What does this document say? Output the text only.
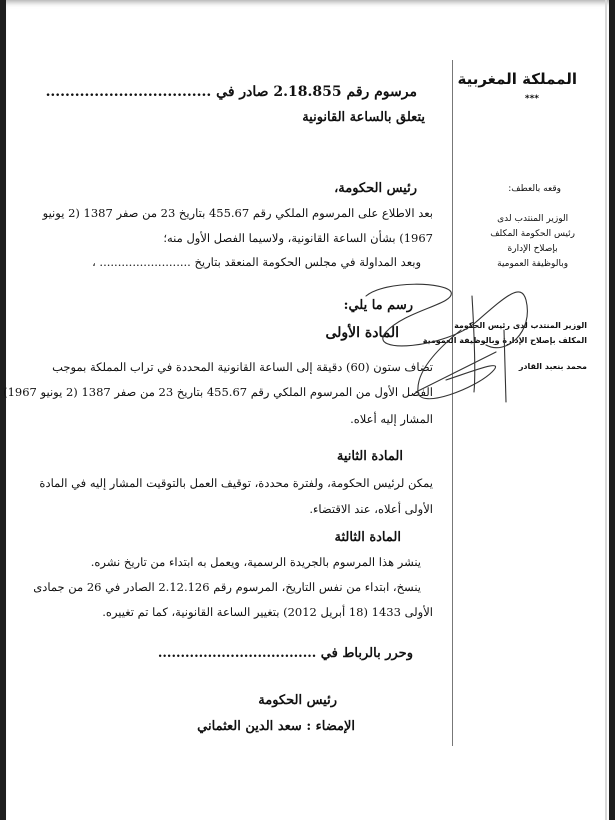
المملكة المغربية
***
وقعه بالعطف:
الوزير المنتدب لدى
رئيس الحكومة المكلف
بإصلاح الإدارة
وبالوظيفة العمومية
الوزير المنتدب لدى رئيس الحكومة
المكلف بإصلاح الإدارة وبالوظيفة العمومية
محمد بنعبد القادر
مرسوم رقم 2.18.855 صادر في ..................................
يتعلق بالساعة القانونية
رئيس الحكومة،
بعد الاطلاع على المرسوم الملكي رقم 455.67 بتاريخ 23 من صفر 1387 (2 يونيو
1967) بشأن الساعة القانونية، ولاسيما الفصل الأول منه؛
وبعد المداولة في مجلس الحكومة المنعقد بتاريخ ......................... ،
رسم ما يلي:
المادة الأولى
تضاف ستون (60) دقيقة إلى الساعة القانونية المحددة في تراب المملكة بموجب
الفصل الأول من المرسوم الملكي رقم 455.67 بتاريخ 23 من صفر 1387 (2 يونيو 1967)
المشار إليه أعلاه.
المادة الثانية
يمكن لرئيس الحكومة، ولفترة محددة، توقيف العمل بالتوقيت المشار إليه في المادة
الأولى أعلاه، عند الاقتضاء.
المادة الثالثة
ينشر هذا المرسوم بالجريدة الرسمية، ويعمل به ابتداء من تاريخ نشره.
ينسخ، ابتداء من نفس التاريخ، المرسوم رقم 2.12.126 الصادر في 26 من جمادى
الأولى 1433 (18 أبريل 2012) بتغيير الساعة القانونية، كما تم تغييره.
وحرر بالرباط في ...................................
رئيس الحكومة
الإمضاء : سعد الدين العثماني
